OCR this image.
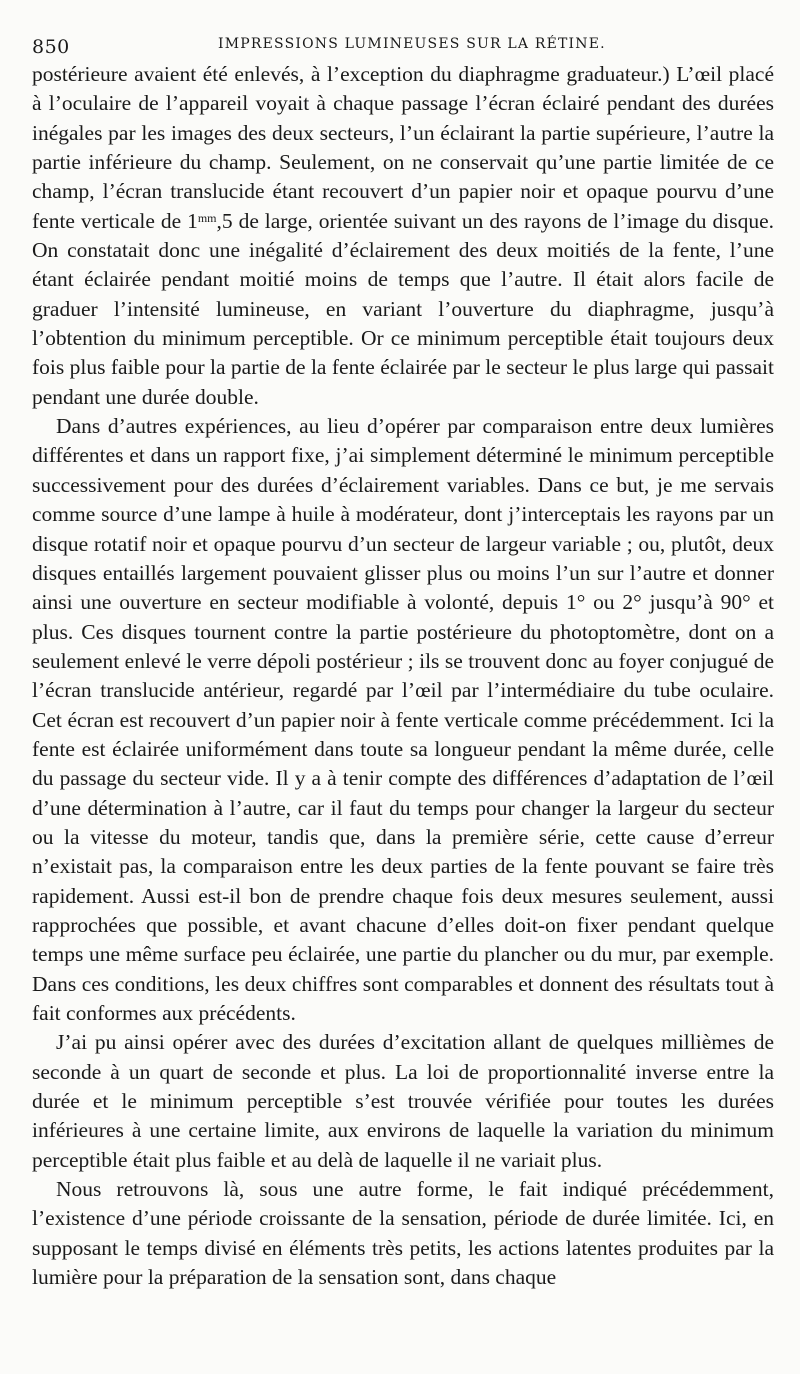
850	IMPRESSIONS LUMINEUSES SUR LA RÉTINE.

postérieure avaient été enlevés, à l’exception du diaphragme graduateur.) L’œil placé à l’oculaire de l’appareil voyait à chaque passage l’écran éclairé pendant des durées inégales par les images des deux secteurs, l’un éclairant la partie supérieure, l’autre la partie inférieure du champ. Seulement, on ne conservait qu’une partie limitée de ce champ, l’écran translucide étant recouvert d’un papier noir et opaque pourvu d’une fente verticale de $1^{mm},5$ de large, orientée suivant un des rayons de l’image du disque. On constatait donc une inégalité d’éclairement des deux moitiés de la fente, l’une étant éclairée pendant moitié moins de temps que l’autre. Il était alors facile de graduer l’intensité lumineuse, en variant l’ouverture du diaphragme, jusqu’à l’obtention du minimum perceptible. Or ce minimum perceptible était toujours deux fois plus faible pour la partie de la fente éclairée par le secteur le plus large qui passait pendant une durée double.

Dans d’autres expériences, au lieu d’opérer par comparaison entre deux lumières différentes et dans un rapport fixe, j’ai simplement déterminé le minimum perceptible successivement pour des durées d’éclairement variables. Dans ce but, je me servais comme source d’une lampe à huile à modérateur, dont j’interceptais les rayons par un disque rotatif noir et opaque pourvu d’un secteur de largeur variable ; ou, plutôt, deux disques entaillés largement pouvaient glisser plus ou moins l’un sur l’autre et donner ainsi une ouverture en secteur modifiable à volonté, depuis 1° ou 2° jusqu’à 90° et plus. Ces disques tournent contre la partie postérieure du photoptomètre, dont on a seulement enlevé le verre dépoli postérieur ; ils se trouvent donc au foyer conjugué de l’écran translucide antérieur, regardé par l’œil par l’intermédiaire du tube oculaire. Cet écran est recouvert d’un papier noir à fente verticale comme précédemment. Ici la fente est éclairée uniformément dans toute sa longueur pendant la même durée, celle du passage du secteur vide. Il y a à tenir compte des différences d’adaptation de l’œil d’une détermination à l’autre, car il faut du temps pour changer la largeur du secteur ou la vitesse du moteur, tandis que, dans la première série, cette cause d’erreur n’existait pas, la comparaison entre les deux parties de la fente pouvant se faire très rapidement. Aussi est-il bon de prendre chaque fois deux mesures seulement, aussi rapprochées que possible, et avant chacune d’elles doit-on fixer pendant quelque temps une même surface peu éclairée, une partie du plancher ou du mur, par exemple. Dans ces conditions, les deux chiffres sont comparables et donnent des résultats tout à fait conformes aux précédents.

J’ai pu ainsi opérer avec des durées d’excitation allant de quelques millièmes de seconde à un quart de seconde et plus. La loi de proportionnalité inverse entre la durée et le minimum perceptible s’est trouvée vérifiée pour toutes les durées inférieures à une certaine limite, aux environs de laquelle la variation du minimum perceptible était plus faible et au delà de laquelle il ne variait plus.

Nous retrouvons là, sous une autre forme, le fait indiqué précédemment, l’existence d’une période croissante de la sensation, période de durée limitée. Ici, en supposant le temps divisé en éléments très petits, les actions latentes produites par la lumière pour la préparation de la sensation sont, dans chaque
